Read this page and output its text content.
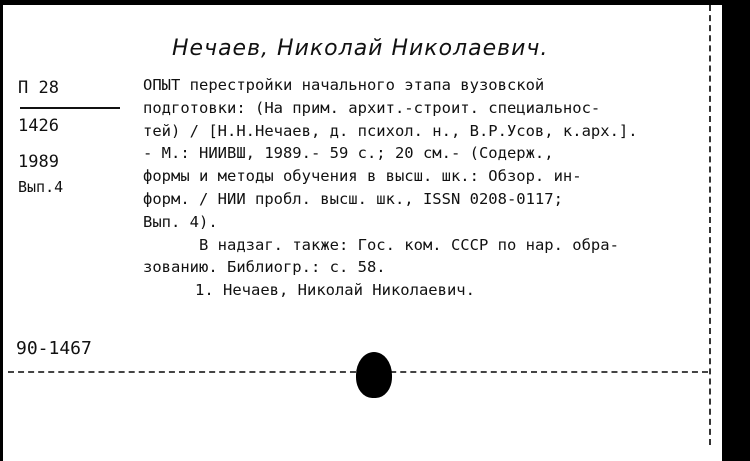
Нечаев, Николай Николаевич.
П 28
1426
1989
Вып.4

ОПЫТ перестройки начального этапа вузовской

подготовки: (На прим. архит.-строит. специальнос-

тей) / [Н.Н.Нечаев, д. психол. н., В.Р.Усов, к.арх.].

- М.: НИИВШ, 1989.- 59 с.; 20 см.- (Содерж.,

формы и методы обучения в высш. шк.: Обзор. ин-

форм. / НИИ пробл. высш. шк., ISSN 0208-0117;

Вып. 4).

В надзаг. также: Гос. ком. СССР по нар. обра-

зованию. Библиогр.: с. 58.

1. Нечаев, Николай Николаевич.

90-1467
